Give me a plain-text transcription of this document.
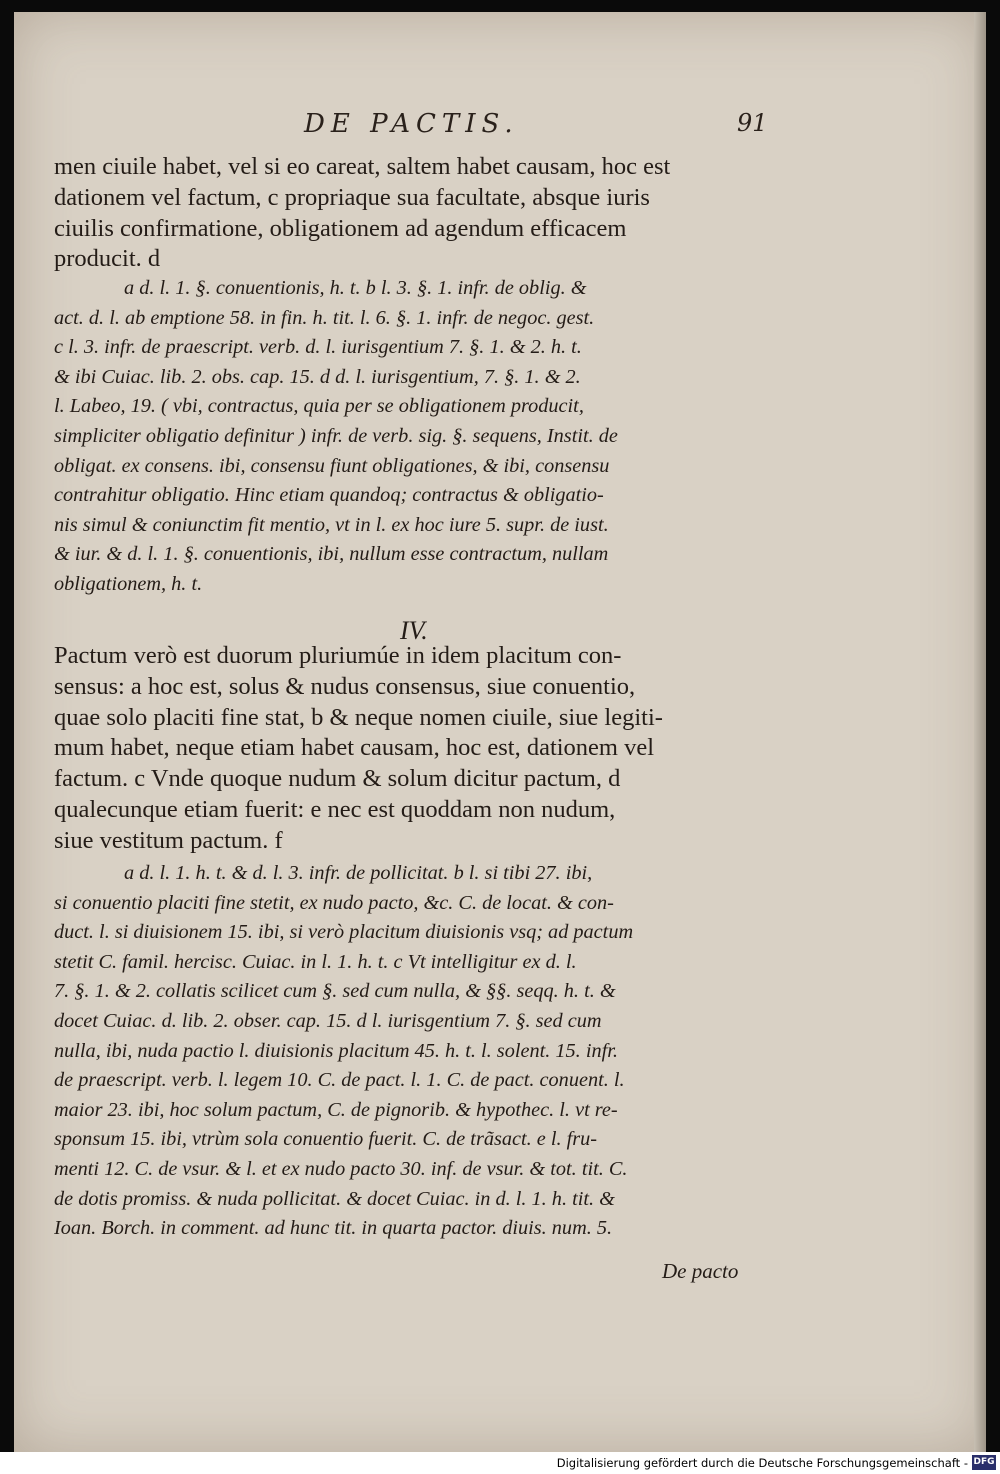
DE PACTIS.	91
men ciuile habet, vel si eo careat, saltem habet causam, hoc est
dationem vel factum, c propriaque sua facultate, absque iuris
ciuilis confirmatione, obligationem ad agendum efficacem
producit. d
a d. l. 1. §. conuentionis, h. t. b l. 3. §. 1. infr. de oblig. &
act. d. l. ab emptione 58. in fin. h. tit. l. 6. §. 1. infr. de negoc. gest.
c l. 3. infr. de praescript. verb. d. l. iurisgentium 7. §. 1. & 2. h. t.
& ibi Cuiac. lib. 2. obs. cap. 15. d d. l. iurisgentium, 7. §. 1. & 2.
l. Labeo, 19. ( vbi, contractus, quia per se obligationem producit,
simpliciter obligatio definitur ) infr. de verb. sig. §. sequens, Instit. de
obligat. ex consens. ibi, consensu fiunt obligationes, & ibi, consensu
contrahitur obligatio. Hinc etiam quandoq; contractus & obligatio-
nis simul & coniunctim fit mentio, vt in l. ex hoc iure 5. supr. de iust.
& iur. & d. l. 1. §. conuentionis, ibi, nullum esse contractum, nullam
obligationem, h. t.
IV.
Pactum verò est duorum pluriumúe in idem placitum con-
sensus: a hoc est, solus & nudus consensus, siue conuentio,
quae solo placiti fine stat, b & neque nomen ciuile, siue legiti-
mum habet, neque etiam habet causam, hoc est, dationem vel
factum. c Vnde quoque nudum & solum dicitur pactum, d
qualecunque etiam fuerit: e nec est quoddam non nudum,
siue vestitum pactum. f
a d. l. 1. h. t. & d. l. 3. infr. de pollicitat. b l. si tibi 27. ibi,
si conuentio placiti fine stetit, ex nudo pacto, &c. C. de locat. & con-
duct. l. si diuisionem 15. ibi, si verò placitum diuisionis vsq; ad pactum
stetit C. famil. hercisc. Cuiac. in l. 1. h. t. c Vt intelligitur ex d. l.
7. §. 1. & 2. collatis scilicet cum §. sed cum nulla, & §§. seqq. h. t. &
docet Cuiac. d. lib. 2. obser. cap. 15. d l. iurisgentium 7. §. sed cum
nulla, ibi, nuda pactio l. diuisionis placitum 45. h. t. l. solent. 15. infr.
de praescript. verb. l. legem 10. C. de pact. l. 1. C. de pact. conuent. l.
maior 23. ibi, hoc solum pactum, C. de pignorib. & hypothec. l. vt re-
sponsum 15. ibi, vtrùm sola conuentio fuerit. C. de trãsact. e l. fru-
menti 12. C. de vsur. & l. et ex nudo pacto 30. inf. de vsur. & tot. tit. C.
de dotis promiss. & nuda pollicitat. & docet Cuiac. in d. l. 1. h. tit. &
Ioan. Borch. in comment. ad hunc tit. in quarta pactor. diuis. num. 5.
De pacto
Digitalisierung gefördert durch die Deutsche Forschungsgemeinschaft - DFG
